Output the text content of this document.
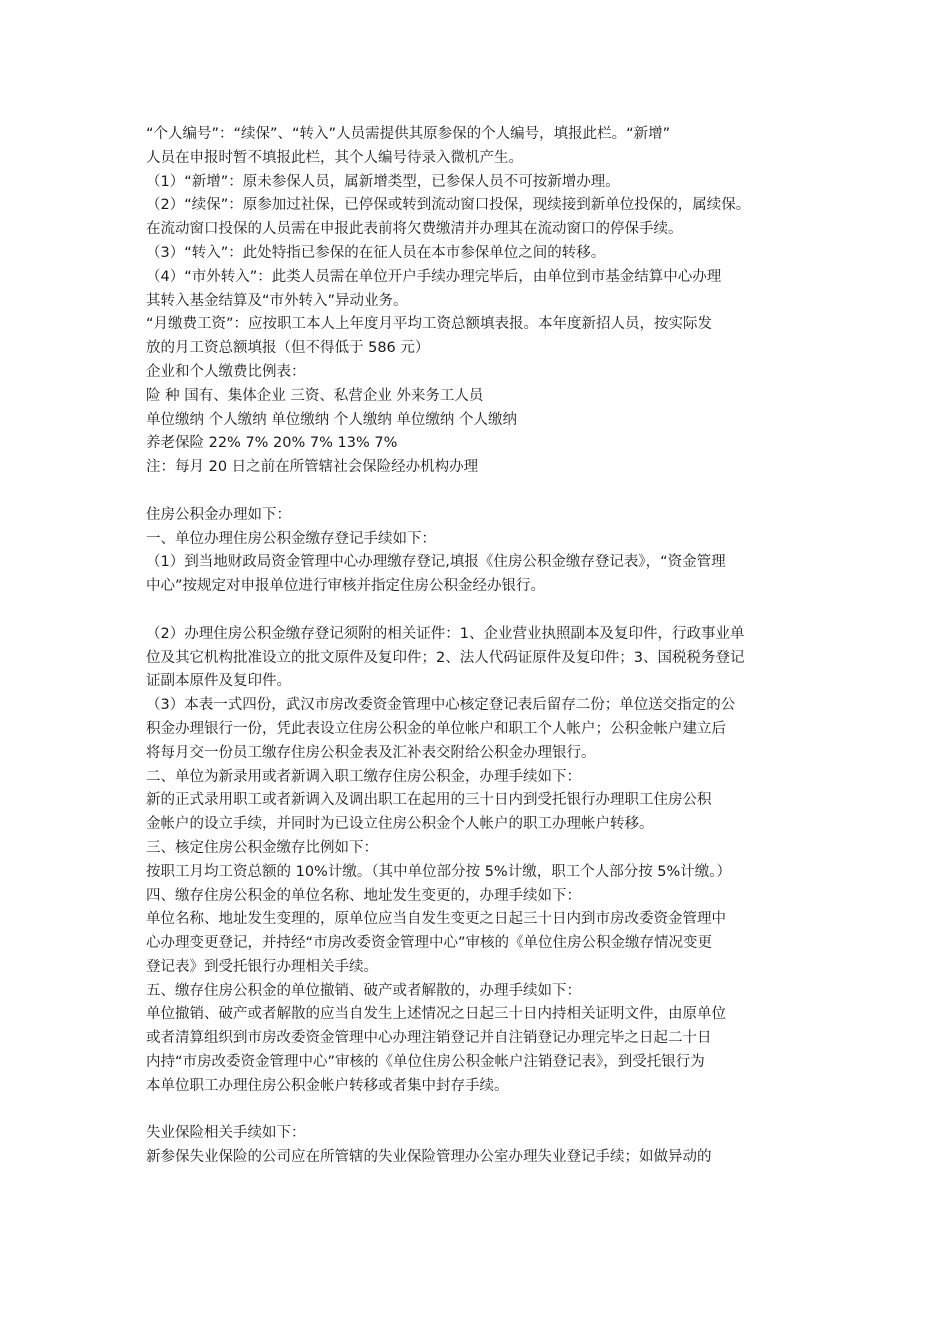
“个人编号”：“续保”、“转入”人员需提供其原参保的个人编号，填报此栏。“新增”
人员在申报时暂不填报此栏，其个人编号待录入微机产生。
（1）“新增”：原未参保人员，属新增类型，已参保人员不可按新增办理。
（2）“续保”：原参加过社保，已停保或转到流动窗口投保，现续接到新单位投保的，属续保。
在流动窗口投保的人员需在申报此表前将欠费缴清并办理其在流动窗口的停保手续。
（3）“转入”：此处特指已参保的在征人员在本市参保单位之间的转移。
（4）“市外转入”：此类人员需在单位开户手续办理完毕后，由单位到市基金结算中心办理
其转入基金结算及“市外转入”异动业务。
“月缴费工资”：应按职工本人上年度月平均工资总额填表报。本年度新招人员，按实际发
放的月工资总额填报（但不得低于 586 元）
企业和个人缴费比例表：
险 种 国有、集体企业 三资、私营企业 外来务工人员
单位缴纳 个人缴纳 单位缴纳 个人缴纳 单位缴纳 个人缴纳
养老保险 22% 7% 20% 7% 13% 7%
注：每月 20 日之前在所管辖社会保险经办机构办理
住房公积金办理如下：
一、单位办理住房公积金缴存登记手续如下：
（1）到当地财政局资金管理中心办理缴存登记,填报《住房公积金缴存登记表》，“资金管理
中心”按规定对申报单位进行审核并指定住房公积金经办银行。
（2）办理住房公积金缴存登记须附的相关证件：1、企业营业执照副本及复印件，行政事业单
位及其它机构批准设立的批文原件及复印件；2、法人代码证原件及复印件；3、国税税务登记
证副本原件及复印件。
（3）本表一式四份，武汉市房改委资金管理中心核定登记表后留存二份；单位送交指定的公
积金办理银行一份，凭此表设立住房公积金的单位帐户和职工个人帐户；公积金帐户建立后
将每月交一份员工缴存住房公积金表及汇补表交附给公积金办理银行。
二、单位为新录用或者新调入职工缴存住房公积金，办理手续如下：
新的正式录用职工或者新调入及调出职工在起用的三十日内到受托银行办理职工住房公积
金帐户的设立手续，并同时为已设立住房公积金个人帐户的职工办理帐户转移。
三、核定住房公积金缴存比例如下：
按职工月均工资总额的 10%计缴。（其中单位部分按 5%计缴，职工个人部分按 5%计缴。）
四、缴存住房公积金的单位名称、地址发生变更的，办理手续如下：
单位名称、地址发生变理的，原单位应当自发生变更之日起三十日内到市房改委资金管理中
心办理变更登记，并持经“市房改委资金管理中心”审核的《单位住房公积金缴存情况变更
登记表》到受托银行办理相关手续。
五、缴存住房公积金的单位撤销、破产或者解散的，办理手续如下：
单位撤销、破产或者解散的应当自发生上述情况之日起三十日内持相关证明文件，由原单位
或者清算组织到市房改委资金管理中心办理注销登记并自注销登记办理完毕之日起二十日
内持“市房改委资金管理中心”审核的《单位住房公积金帐户注销登记表》，到受托银行为
本单位职工办理住房公积金帐户转移或者集中封存手续。
失业保险相关手续如下：
新参保失业保险的公司应在所管辖的失业保险管理办公室办理失业登记手续；如做异动的
